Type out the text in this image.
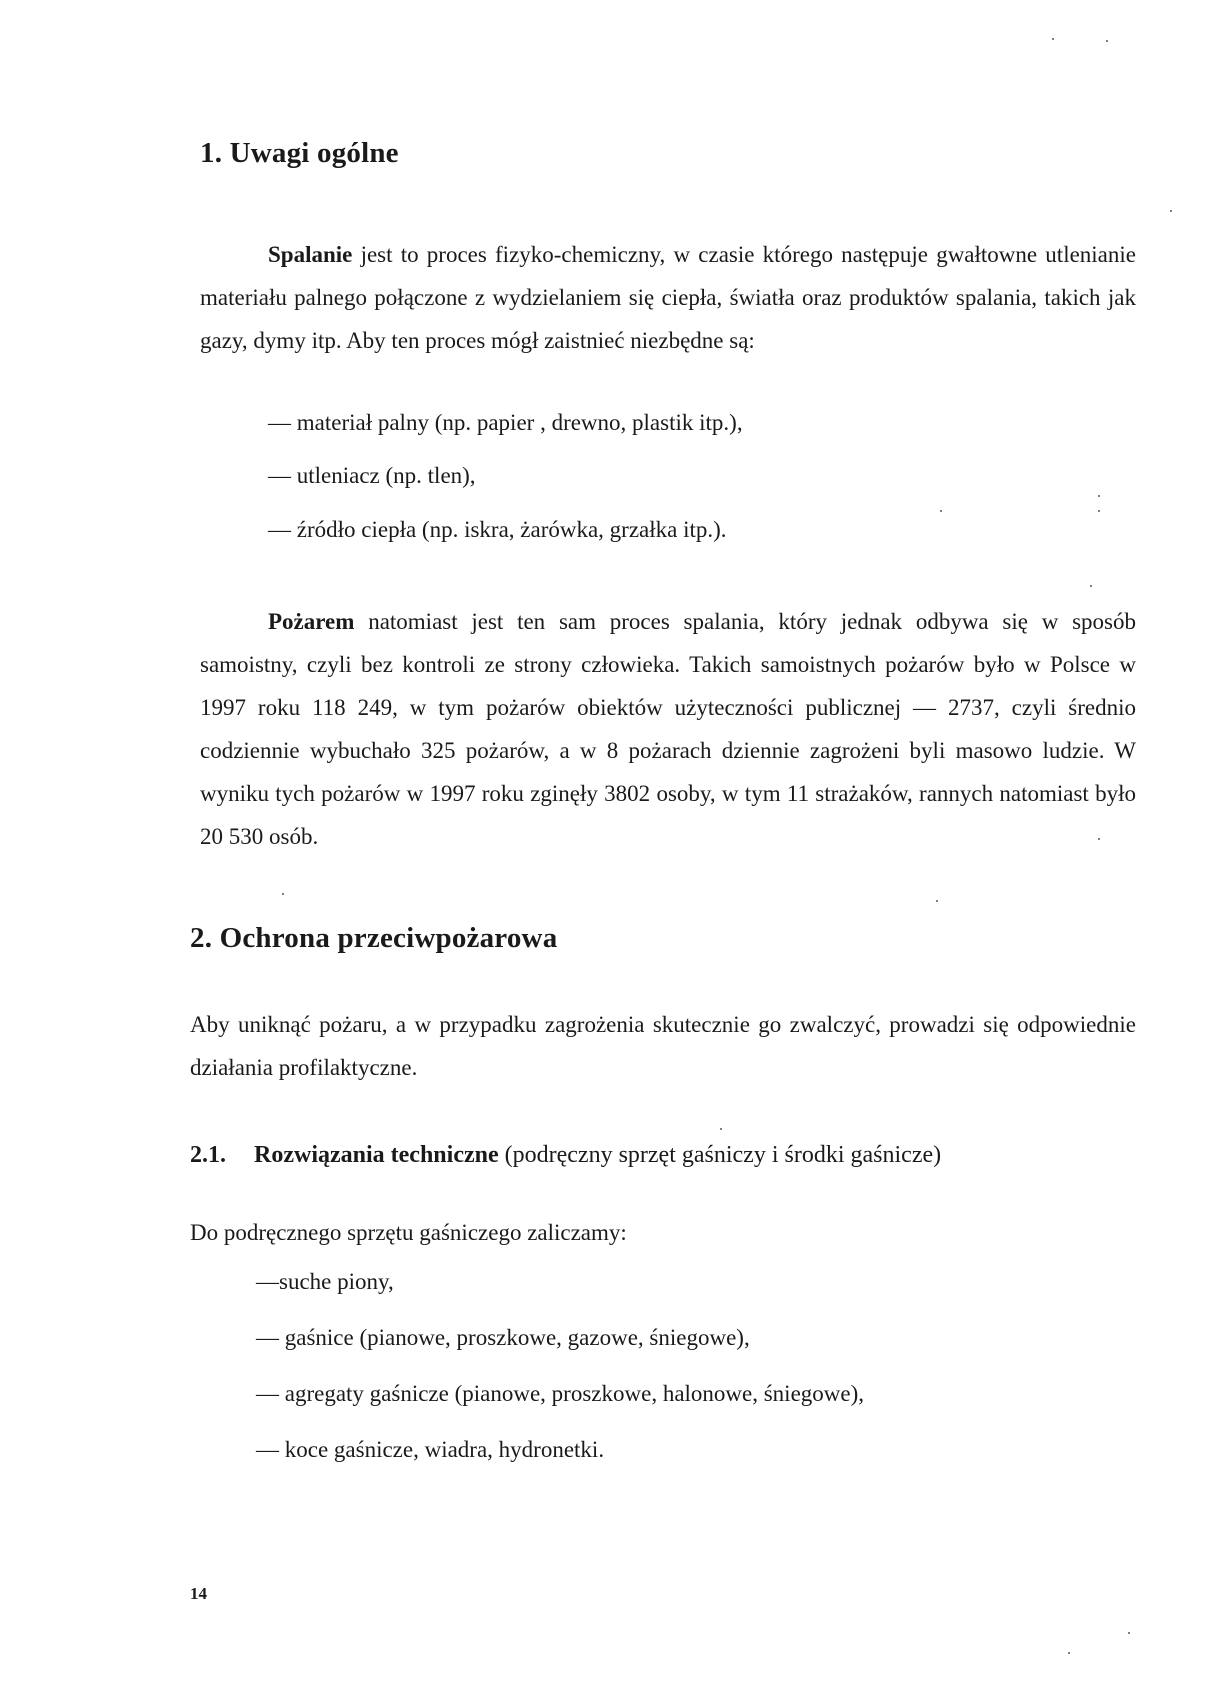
1. Uwagi ogólne
Spalanie jest to proces fizyko-chemiczny, w czasie którego następuje gwałtowne utlenianie materiału palnego połączone z wydzielaniem się ciepła, światła oraz produktów spalania, takich jak gazy, dymy itp. Aby ten proces mógł zaistnieć niezbędne są:
— materiał palny (np. papier , drewno, plastik itp.),
— utleniacz (np. tlen),
— źródło ciepła (np. iskra, żarówka, grzałka itp.).
Pożarem natomiast jest ten sam proces spalania, który jednak odbywa się w sposób samoistny, czyli bez kontroli ze strony człowieka. Takich samoistnych pożarów było w Polsce w 1997 roku 118 249, w tym pożarów obiektów użyteczności publicznej — 2737, czyli średnio codziennie wybuchało 325 pożarów, a w 8 pożarach dziennie zagrożeni byli masowo ludzie. W wyniku tych pożarów w 1997 roku zginęły 3802 osoby, w tym 11 strażaków, rannych natomiast było 20 530 osób.
2. Ochrona przeciwpożarowa
Aby uniknąć pożaru, a w przypadku zagrożenia skutecznie go zwalczyć, prowadzi się odpowiednie działania profilaktyczne.
2.1. Rozwiązania techniczne (podręczny sprzęt gaśniczy i środki gaśnicze)
Do podręcznego sprzętu gaśniczego zaliczamy:
—suche piony,
— gaśnice (pianowe, proszkowe, gazowe, śniegowe),
— agregaty gaśnicze (pianowe, proszkowe, halonowe, śniegowe),
— koce gaśnicze, wiadra, hydronetki.
14
